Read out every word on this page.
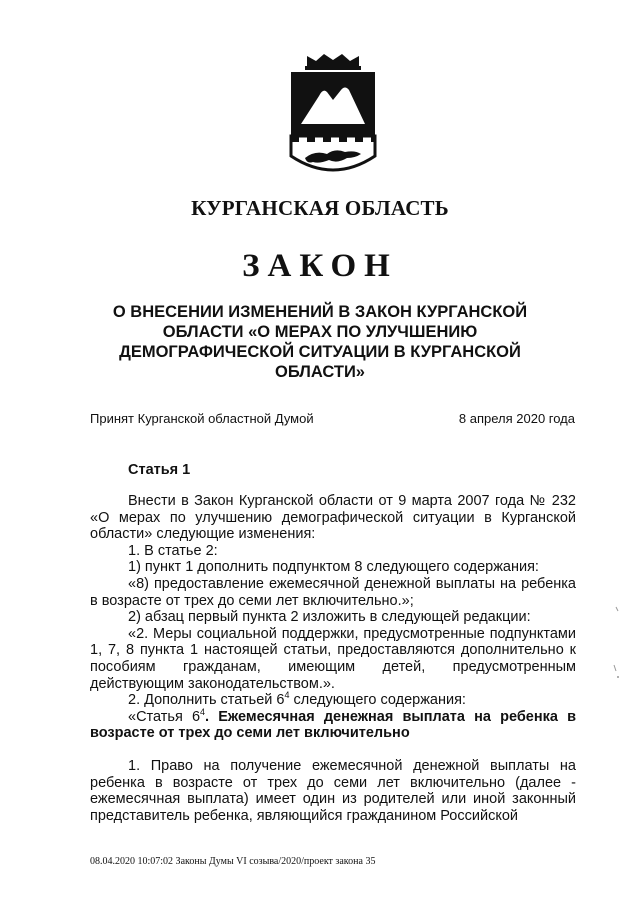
КУРГАНСКАЯ ОБЛАСТЬ
ЗАКОН
О ВНЕСЕНИИ ИЗМЕНЕНИЙ В ЗАКОН КУРГАНСКОЙ ОБЛАСТИ «О МЕРАХ ПО УЛУЧШЕНИЮ ДЕМОГРАФИЧЕСКОЙ СИТУАЦИИ В КУРГАНСКОЙ ОБЛАСТИ»
Принят Курганской областной Думой	8 апреля 2020 года
Статья 1

Внести в Закон Курганской области от 9 марта 2007 года № 232 «О мерах по улучшению демографической ситуации в Курганской области» следующие изменения:

1. В статье 2:

1) пункт 1 дополнить подпунктом 8 следующего содержания:

«8) предоставление ежемесячной денежной выплаты на ребенка в возрасте от трех до семи лет включительно.»;

2) абзац первый пункта 2 изложить в следующей редакции:

«2. Меры социальной поддержки, предусмотренные подпунктами 1, 7, 8 пункта 1 настоящей статьи, предоставляются дополнительно к пособиям гражданам, имеющим детей, предусмотренным действующим законодательством.».

2. Дополнить статьей $6^4$ следующего содержания:

«Статья $6^4$. Ежемесячная денежная выплата на ребенка в возрасте от трех до семи лет включительно

1. Право на получение ежемесячной денежной выплаты на ребенка в возрасте от трех до семи лет включительно (далее - ежемесячная выплата) имеет один из родителей или иной законный представитель ребенка, являющийся гражданином Российской

08.04.2020 10:07:02 Законы Думы VI созыва/2020/проект закона 35
